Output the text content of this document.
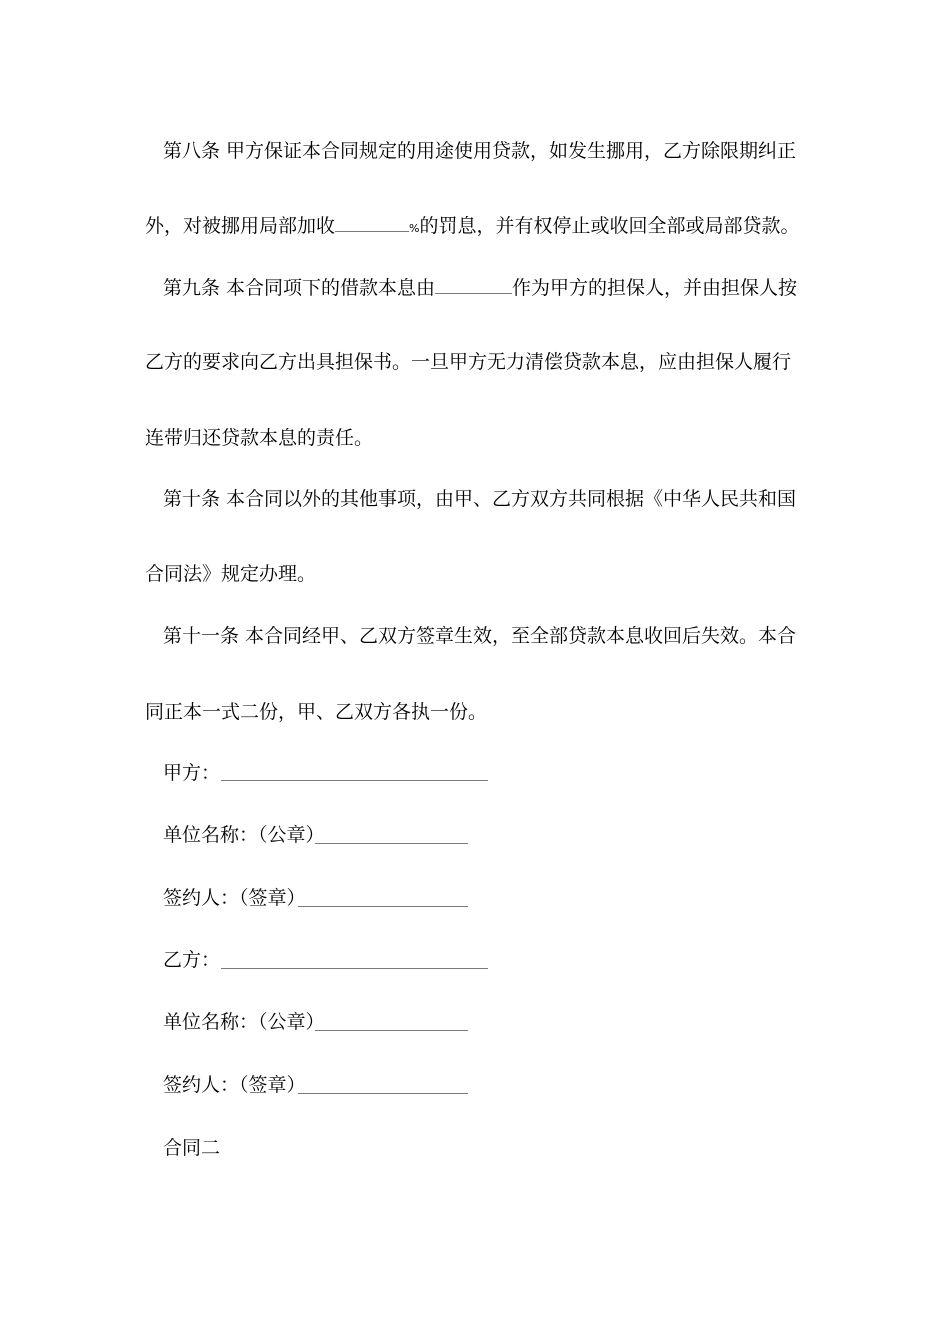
第八条 甲方保证本合同规定的用途使用贷款，如发生挪用，乙方除限期纠正
外，对被挪用局部加收	%的罚息，并有权停止或收回全部或局部贷款。
第九条 本合同项下的借款本息由	作为甲方的担保人，并由担保人按
乙方的要求向乙方出具担保书。一旦甲方无力清偿贷款本息，应由担保人履行
连带归还贷款本息的责任。
第十条 本合同以外的其他事项，由甲、乙方双方共同根据《中华人民共和国
合同法》规定办理。
第十一条 本合同经甲、乙双方签章生效，至全部贷款本息收回后失效。本合
同正本一式二份，甲、乙双方各执一份。
甲方：
单位名称：（公章）
签约人：（签章）
乙方：
单位名称：（公章）
签约人：（签章）
合同二
